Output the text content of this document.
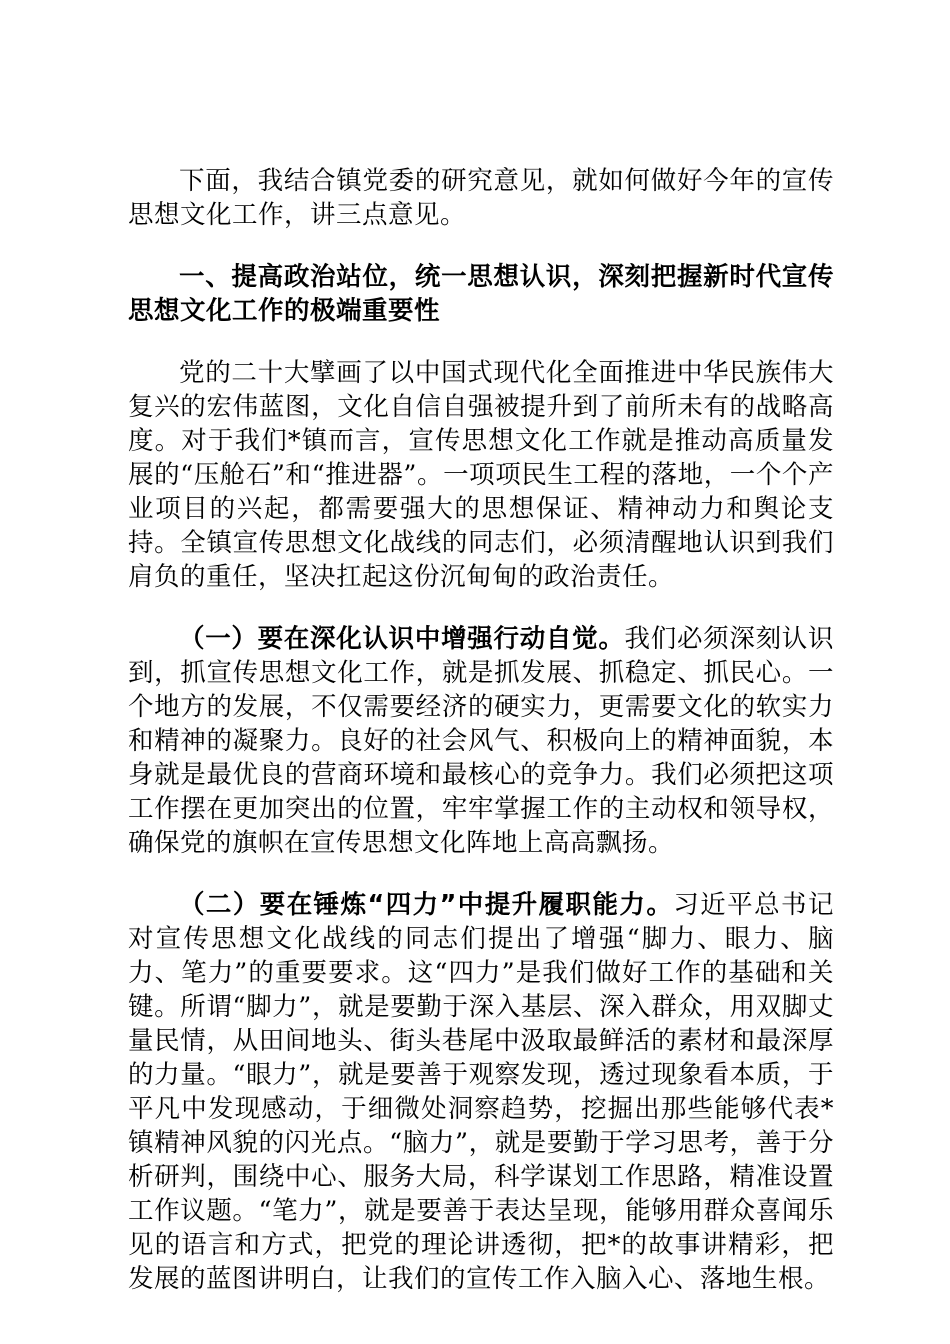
下面，我结合镇党委的研究意见，就如何做好今年的宣传思想文化工作，讲三点意见。

一、提高政治站位，统一思想认识，深刻把握新时代宣传思想文化工作的极端重要性

党的二十大擘画了以中国式现代化全面推进中华民族伟大复兴的宏伟蓝图，文化自信自强被提升到了前所未有的战略高度。对于我们*镇而言，宣传思想文化工作就是推动高质量发展的“压舱石”和“推进器”。一项项民生工程的落地，一个个产业项目的兴起，都需要强大的思想保证、精神动力和舆论支持。全镇宣传思想文化战线的同志们，必须清醒地认识到我们肩负的重任，坚决扛起这份沉甸甸的政治责任。

（一）要在深化认识中增强行动自觉。我们必须深刻认识到，抓宣传思想文化工作，就是抓发展、抓稳定、抓民心。一个地方的发展，不仅需要经济的硬实力，更需要文化的软实力和精神的凝聚力。良好的社会风气、积极向上的精神面貌，本身就是最优良的营商环境和最核心的竞争力。我们必须把这项工作摆在更加突出的位置，牢牢掌握工作的主动权和领导权，确保党的旗帜在宣传思想文化阵地上高高飘扬。

（二）要在锤炼“四力”中提升履职能力。习近平总书记对宣传思想文化战线的同志们提出了增强“脚力、眼力、脑力、笔力”的重要要求。这“四力”是我们做好工作的基础和关键。所谓“脚力”，就是要勤于深入基层、深入群众，用双脚丈量民情，从田间地头、街头巷尾中汲取最鲜活的素材和最深厚的力量。“眼力”，就是要善于观察发现，透过现象看本质，于平凡中发现感动，于细微处洞察趋势，挖掘出那些能够代表*镇精神风貌的闪光点。“脑力”，就是要勤于学习思考，善于分析研判，围绕中心、服务大局，科学谋划工作思路，精准设置工作议题。“笔力”，就是要善于表达呈现，能够用群众喜闻乐见的语言和方式，把党的理论讲透彻，把*的故事讲精彩，把发展的蓝图讲明白，让我们的宣传工作入脑入心、落地生根。
